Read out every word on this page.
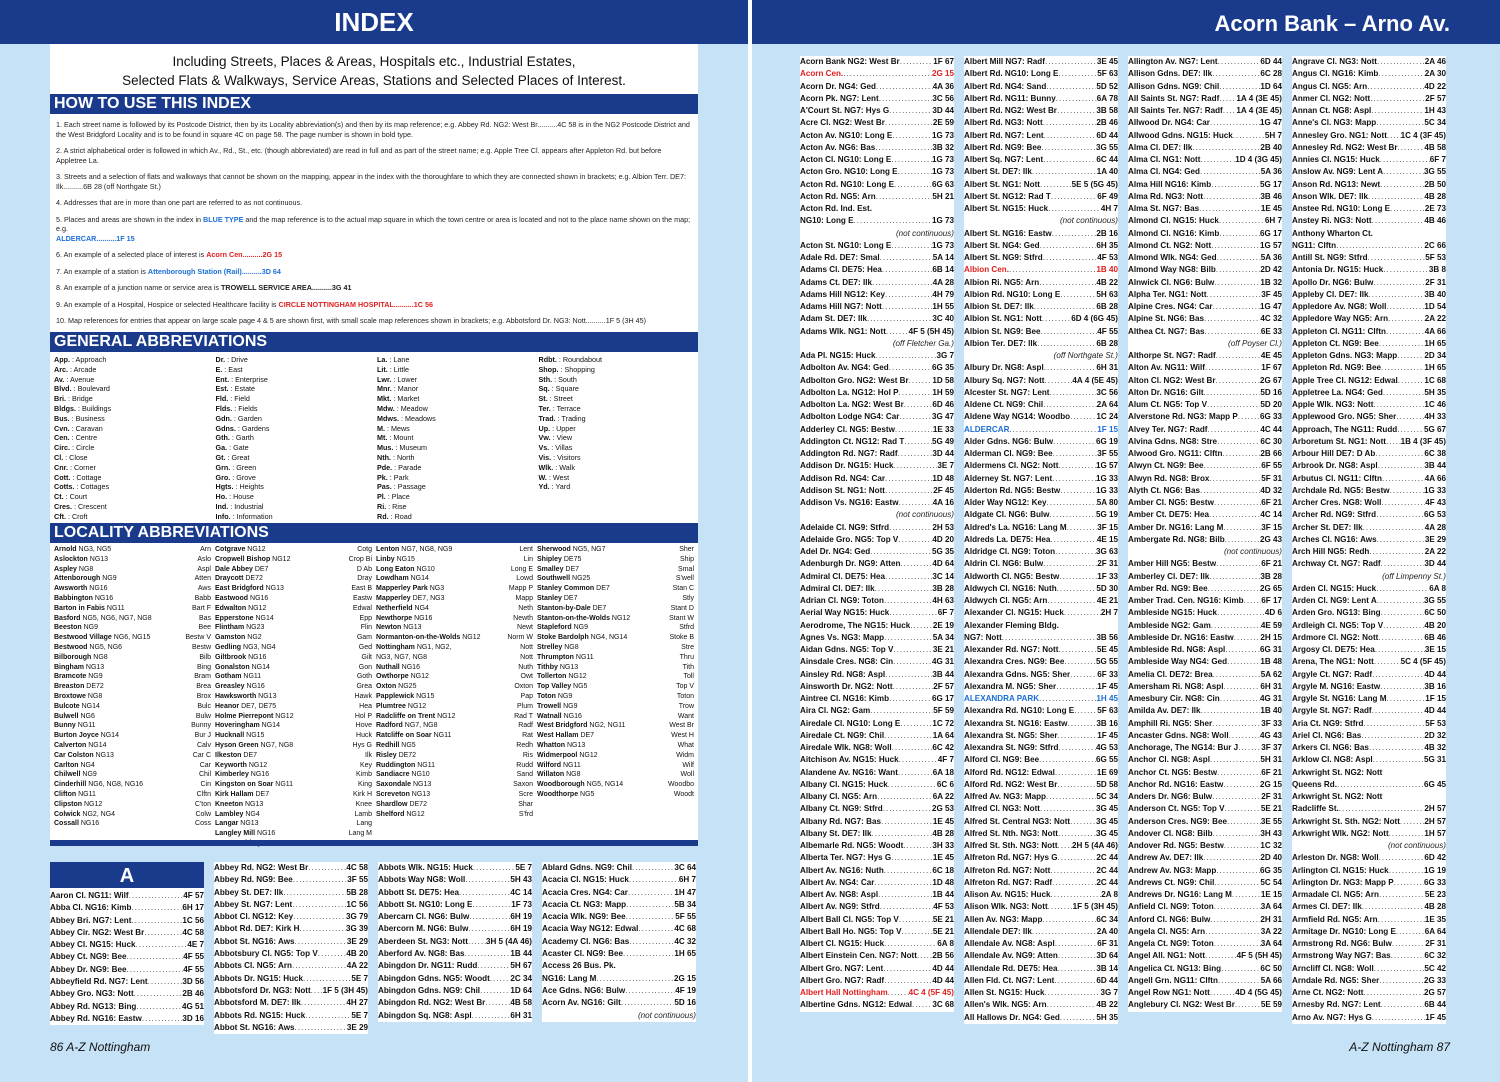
INDEX	Acorn Bank – Arno Av.
Including Streets, Places & Areas, Hospitals etc., Industrial Estates,
Selected Flats & Walkways, Service Areas, Stations and Selected Places of Interest.
HOW TO USE THIS INDEX

1. Each street name is followed by its Postcode District, then by its Locality abbreviation(s) and then by its map reference; e.g. Abbey Rd. NG2: West Br..........4C 58 is in the NG2 Postcode District and the West Bridgford Locality and is to be found in square 4C on page 58. The page number is shown in bold type.

2. A strict alphabetical order is followed in which Av., Rd., St., etc. (though abbreviated) are read in full and as part of the street name; e.g. Apple Tree Cl. appears after Appleton Rd. but before Appletree La.

3. Streets and a selection of flats and walkways that cannot be shown on the mapping, appear in the index with the thoroughfare to which they are connected shown in brackets; e.g. Albion Terr. DE7: Ilk..........6B 28 (off Northgate St.)

4. Addresses that are in more than one part are referred to as not continuous.

5. Places and areas are shown in the index in BLUE TYPE and the map reference is to the actual map square in which the town centre or area is located and not to the place name shown on the map; e.g.
ALDERCAR..........1F 15

6. An example of a selected place of interest is Acorn Cen..........2G 15

7. An example of a station is Attenborough Station (Rail)..........3D 64

8. An example of a junction name or service area is TROWELL SERVICE AREA..........3G 41

9. An example of a Hospital, Hospice or selected Healthcare facility is CIRCLE NOTTINGHAM HOSPITAL..........1C 56

10. Map references for entries that appear on large scale page 4 & 5 are shown first, with small scale map references shown in brackets; e.g. Abbotsford Dr. NG3: Nott..........1F 5 (3H 45)

GENERAL ABBREVIATIONS
App. : Approach
Arc. : Arcade
Av. : Avenue
Blvd. : Boulevard
Bri. : Bridge
Bldgs. : Buildings
Bus. : Business
Cvn. : Caravan
Cen. : Centre
Circ. : Circle
Cl. : Close
Cnr. : Corner
Cott. : Cottage
Cotts. : Cottages
Ct. : Court
Cres. : Crescent
Cft. : Croft
Dr. : Drive
E. : East
Ent. : Enterprise
Est. : Estate
Fld. : Field
Flds. : Fields
Gdn. : Garden
Gdns. : Gardens
Gth. : Garth
Ga. : Gate
Gt. : Great
Grn. : Green
Gro. : Grove
Hgts. : Heights
Ho. : House
Ind. : Industrial
Info. : Information
La. : Lane
Lit. : Little
Lwr. : Lower
Mnr. : Manor
Mkt. : Market
Mdw. : Meadow
Mdws. : Meadows
M. : Mews
Mt. : Mount
Mus. : Museum
Nth. : North
Pde. : Parade
Pk. : Park
Pas. : Passage
Pl. : Place
Ri. : Rise
Rd. : Road
Rdbt. : Roundabout
Shop. : Shopping
Sth. : South
Sq. : Square
St. : Street
Ter. : Terrace
Trad. : Trading
Up. : Upper
Vw. : View
Vs. : Villas
Vis. : Visitors
Wlk. : Walk
W. : West
Yd. : Yard
LOCALITY ABBREVIATIONS
Arnold NG3, NG5	Arn
Aslockton NG13	Aslo
Aspley NG8	Aspl
Attenborough NG9	Atten
Awsworth NG16	Aws
Babbington NG16	Babb
Barton in Fabis NG11	Bart F
Basford NG5, NG6, NG7, NG8	Bas
Beeston NG9	Bee
Bestwood Village NG6, NG15	Bestw V
Bestwood NG5, NG6	Bestw
Bilborough NG8	Bilb
Bingham NG13	Bing
Bramcote NG9	Bram
Breaston DE72	Brea
Broxtowe NG8	Brox
Bulcote NG14	Bulc
Bulwell NG6	Bulw
Bunny NG11	Bunny
Burton Joyce NG14	Bur J
Calverton NG14	Calv
Car Colston NG13	Car C
Carlton NG4	Car
Chilwell NG9	Chil
Cinderhill NG6, NG8, NG16	Cin
Clifton NG11	Clftn
Clipston NG12	C'ton
Colwick NG2, NG4	Colw
Cossall NG16	Coss
Cotgrave NG12	Cotg
Cropwell Bishop NG12	Crop Bi
Dale Abbey DE7	D Ab
Draycott DE72	Dray
East Bridgford NG13	East B
Eastwood NG16	Eastw
Edwalton NG12	Edwal
Epperstone NG14	Epp
Flintham NG23	Flin
Gamston NG2	Gam
Gedling NG3, NG4	Ged
Giltbrook NG16	Gilt
Gonalston NG14	Gon
Gotham NG11	Goth
Greasley NG16	Grea
Hawksworth NG13	Hawk
Heanor DE7, DE75	Hea
Holme Pierrepont NG12	Hol P
Hoveringham NG14	Hove
Hucknall NG15	Huck
Hyson Green NG7, NG8	Hys G
Ilkeston DE7	Ilk
Keyworth NG12	Key
Kimberley NG16	Kimb
Kingston on Soar NG11	King
Kirk Hallam DE7	Kirk H
Kneeton NG13	Knee
Lambley NG4	Lamb
Langar NG13	Lang
Langley Mill NG16	Lang M
Lenton NG7, NG8, NG9	Lent
Linby NG15	Lin
Long Eaton NG10	Long E
Lowdham NG14	Lowd
Mapperley Park NG3	Mapp P
Mapperley DE7, NG3	Mapp
Netherfield NG4	Neth
Newthorpe NG16	Newth
Newton NG13	Newt
Normanton-on-the-Wolds NG12	Norm W
Nottingham NG1, NG2,	Nott
NG3, NG7, NG8	Nott
Nuthall NG16	Nuth
Owthorpe NG12	Owt
Oxton NG25	Oxton
Papplewick NG15	Pap
Plumtree NG12	Plum
Radcliffe on Trent NG12	Rad T
Radford NG7, NG8	Radf
Ratcliffe on Soar NG11	Rat
Redhill NG5	Redh
Risley DE72	Ris
Ruddington NG11	Rudd
Sandiacre NG10	Sand
Saxondale NG13	Saxon
Screveton NG13	Scre
Shardlow DE72	Shar
Shelford NG12	S'frd
Sherwood NG5, NG7	Sher
Shipley DE75	Ship
Smalley DE7	Smal
Southwell NG25	S'well
Stanley Common DE7	Stan C
Stanley DE7	Stly
Stanton-by-Dale DE7	Stant D
Stanton-on-the-Wolds NG12	Stant W
Stapleford NG9	Stfrd
Stoke Bardolph NG4, NG14	Stoke B
Strelley NG8	Stre
Thrumpton NG11	Thru
Tithby NG13	Tith
Tollerton NG12	Toll
Top Valley NG5	Top V
Toton NG9	Toton
Trowell NG9	Trow
Watnall NG16	Want
West Bridgford NG2, NG11	West Br
West Hallam DE7	West H
Whatton NG13	What
Widmerpool NG12	Widm
Wilford NG11	Wilf
Willaton NG8	Woll
Woodborough NG5, NG14	Woodbo
Woodthorpe NG5	Woodt
A
Aaron Cl. NG11: Wilf .....	4F 57
Abba Cl. NG16: Kimb .....	6H 17
Abbey Bri. NG7: Lent .....	1C 56
Abbey Cir. NG2: West Br .....	4C 58
Abbey Cl. NG15: Huck .....	4E 7
Abbey Ct. NG9: Bee .....	4F 55
Abbey Dr. NG9: Bee .....	4F 55
Abbeyfield Rd. NG7: Lent .....	3D 56
Abbey Gro. NG3: Nott .....	2B 46
Abbey Rd. NG13: Bing .....	4G 51
Abbey Rd. NG16: Eastw .....	3D 16
Abbey Rd. NG2: West Br .....	4C 58
Abbey Rd. NG9: Bee .....	3F 55
Abbey St. DE7: Ilk .....	5B 28
Abbey St. NG7: Lent .....	1C 56
Abbot Cl. NG12: Key .....	3G 79
Abbot Rd. DE7: Kirk H .....	3G 39
Abbot St. NG16: Aws .....	3E 29
Abbotsbury Cl. NG5: Top V .....	4B 20
Abbots Cl. NG5: Arn .....	4A 22
Abbots Dr. NG15: Huck .....	5E 7
Abbotsford Dr. NG3: Nott ..... 1F 5 (3H 45)
Abbotsford M. DE7: Ilk .....	4H 27
Abbots Rd. NG15: Huck .....	5E 7
Abbot St. NG16: Aws .....	3E 29
Abbots Wlk. NG15: Huck .....	5E 7
Abbots Way NG8: Woll .....	5H 43
Abbott St. DE75: Hea .....	4C 14
Abbott St. NG10: Long E .....	1F 73
Abercarn Cl. NG6: Bulw .....	6H 19
Abercorn M. NG6: Bulw .....	6H 19
Aberdeen St. NG3: Nott ..... 3H 5 (4A 46)
Aberford Av. NG8: Bas .....	1B 44
Abingdon Dr. NG11: Rudd .....	5H 67
Abingdon Gdns. NG5: Woodt .....	2C 34
Abingdon Gdns. NG9: Chil .....	1D 64
Abingdon Rd. NG2: West Br .....	4B 58
Abingdon Sq. NG8: Aspl .....	6H 31
Ablard Gdns. NG9: Chil .....	3C 64
Acacia Cl. NG15: Huck .....	6H 7
Acacia Cres. NG4: Car .....	1H 47
Acacia Ct. NG3: Mapp .....	5B 34
Acacia Wlk. NG9: Bee .....	5F 55
Acacia Way NG12: Edwal .....	4C 68
Academy Cl. NG6: Bas .....	4C 32
Acaster Cl. NG9: Bee .....	1H 65
Access 26 Bus. Pk.
NG16: Lang M .....	2G 15
Ace Gdns. NG6: Bulw .....	4F 19
Acorn Av. NG16: Gilt .....	5D 16
(not continuous)
Acorn Bank NG2: West Br .....	1F 67
Acorn Cen. .....	2G 15
Acorn Dr. NG4: Ged .....	4A 36
Acorn Pk. NG7: Lent .....	3C 56
A'Court St. NG7: Hys G .....	3D 44
Acre Cl. NG2: West Br .....	2E 59
Acton Av. NG10: Long E .....	1G 73
Acton Av. NG6: Bas .....	3B 32
Acton Cl. NG10: Long E .....	1G 73
Acton Gro. NG10: Long E .....	1G 73
Acton Rd. NG10: Long E .....	6G 63
Acton Rd. NG5: Arn .....	5H 21
Acton Rd. Ind. Est.
NG10: Long E .....	1G 73
(not continuous)
Acton St. NG10: Long E .....	1G 73
Adale Rd. DE7: Smal .....	5A 14
Adams Cl. DE75: Hea .....	6B 14
Adams Ct. DE7: Ilk .....	4A 28
Adams Hill NG12: Key .....	4H 79
Adams Hill NG7: Nott .....	1H 55
Adam St. DE7: Ilk .....	3C 40
Adams Wlk. NG1: Nott .....	4F 5 (5H 45)
(off Fletcher Ga.)
Ada Pl. NG15: Huck .....	3G 7
Adbolton Av. NG4: Ged .....	6G 35
Adbolton Gro. NG2: West Br .....	1D 58
Adbolton La. NG12: Hol P .....	1H 59
Adbolton La. NG2: West Br .....	6D 46
Adbolton Lodge NG4: Car .....	3G 47
Adderley Cl. NG5: Bestw .....	1E 33
Addington Ct. NG12: Rad T .....	5G 49
Addington Rd. NG7: Radf .....	3D 44
Addison Dr. NG15: Huck .....	3E 7
Addison Rd. NG4: Car .....	1D 48
Addison St. NG1: Nott .....	2F 45
Addison Vs. NG16: Eastw .....	4A 16
(not continuous)
Adelaide Cl. NG9: Stfrd .....	2H 53
Adelaide Gro. NG5: Top V .....	4D 20
Adel Dr. NG4: Ged .....	5G 35
Adenburgh Dr. NG9: Atten .....	4D 64
Admiral Cl. DE75: Hea .....	3C 14
Admiral Cl. DE7: Ilk .....	3B 28
Adrian Cl. NG9: Toton .....	4H 63
Aerial Way NG15: Huck .....	6F 7
Aerodrome, The NG15: Huck .....	2E 19
Agnes Vs. NG3: Mapp .....	5A 34
Aidan Gdns. NG5: Top V .....	3E 21
Ainsdale Cres. NG8: Cin .....	4G 31
Ainsley Rd. NG8: Aspl .....	3B 44
Ainsworth Dr. NG2: Nott .....	2F 57
Aintree Cl. NG16: Kimb .....	6G 17
Aira Cl. NG2: Gam .....	5F 59
Airedale Cl. NG10: Long E .....	1C 72
Airedale Ct. NG9: Chil .....	1A 64
Airedale Wlk. NG8: Woll .....	6C 42
Aitchison Av. NG15: Huck .....	4F 7
Alandene Av. NG16: Want .....	6A 18
Albany Cl. NG15: Huck .....	6C 6
Albany Cl. NG5: Arn .....	6A 22
Albany Ct. NG9: Stfrd .....	2G 53
Albany Rd. NG7: Bas .....	1E 45
Albany St. DE7: Ilk .....	4B 28
Albemarle Rd. NG5: Woodt .....	3H 33
Alberta Ter. NG7: Hys G .....	1E 45
Albert Av. NG16: Nuth .....	6C 18
Albert Av. NG4: Car .....	1D 48
Albert Av. NG8: Aspl .....	1B 44
Albert Av. NG9: Stfrd .....	4F 53
Albert Ball Cl. NG5: Top V .....	5E 21
Albert Ball Ho. NG5: Top V .....	5E 21
Albert Cl. NG15: Huck .....	6A 8
Albert Einstein Cen. NG7: Nott ..... 2B 56
Albert Gro. NG7: Lent .....	4D 44
Albert Gro. NG7: Radf .....	4D 44
Albert Hall Nottingham .....	4C 4 (5F 45)
Albertine Gdns. NG12: Edwal .....	3C 68
Albert Mill NG7: Radf .....	3E 45
Albert Rd. NG10: Long E .....	5F 63
Albert Rd. NG4: Sand .....	5D 52
Albert Rd. NG11: Bunny .....	6A 78
Albert Rd. NG2: West Br .....	3B 58
Albert Rd. NG3: Nott .....	2B 46
Albert Rd. NG7: Lent .....	6D 44
Albert Rd. NG9: Bee .....	3G 55
Albert Sq. NG7: Lent .....	6C 44
Albert St. DE7: Ilk .....	1A 40
Albert St. NG1: Nott .....	5E 5 (5G 45)
Albert St. NG12: Rad T .....	6F 49
Albert St. NG15: Huck .....	4H 7
(not continuous)
Albert St. NG16: Eastw .....	2B 16
Albert St. NG4: Ged .....	6H 35
Albert St. NG9: Stfrd .....	4F 53
Albion Cen. .....	1B 40
Albion Ri. NG5: Arn .....	4B 22
Albion Rd. NG10: Long E .....	5H 63
Albion St. DE7: Ilk .....	6B 28
Albion St. NG1: Nott .....	6D 4 (6G 45)
Albion St. NG9: Bee .....	4F 55
Albion Ter. DE7: Ilk .....	6B 28
(off Northgate St.)
Albury Dr. NG8: Aspl .....	6H 31
Albury Sq. NG7: Nott .....	4A 4 (5E 45)
Alcester St. NG7: Lent .....	3C 56
Aldene Ct. NG9: Chil .....	2A 64
Aldene Way NG14: Woodbo .....	1C 24
ALDERCAR .....	1F 15
Alder Gdns. NG6: Bulw .....	6G 19
Alderman Cl. NG9: Bee .....	3F 55
Aldermens Cl. NG2: Nott .....	1G 57
Alderney St. NG7: Lent .....	1G 33
Alderton Rd. NG5: Bestw .....	1G 33
Alder Way NG12: Key .....	5A 80
Aldgate Cl. NG6: Bulw .....	5G 19
Aldred's La. NG16: Lang M .....	3F 15
Aldreds La. DE75: Hea .....	4E 15
Aldridge Cl. NG9: Toton .....	3G 63
Aldrin Cl. NG6: Bulw .....	2F 31
Aldworth Cl. NG5: Bestw .....	1F 33
Aldwych Cl. NG16: Nuth .....	5D 30
Aldwych Cl. NG5: Arn .....	4E 21
Alexander Cl. NG15: Huck .....	2H 7
Alexander Fleming Bldg.
NG7: Nott .....	3B 56
Alexander Rd. NG7: Nott .....	5E 45
Alexandra Cres. NG9: Bee .....	5G 55
Alexandra Gdns. NG5: Sher .....	6F 33
Alexandra M. NG5: Sher .....	1F 45
ALEXANDRA PARK .....	1H 45
Alexandra Rd. NG10: Long E .....	5F 63
Alexandra St. NG16: Eastw .....	3B 16
Alexandra St. NG5: Sher .....	1F 45
Alexandra St. NG9: Stfrd .....	4G 53
Alford Cl. NG9: Bee .....	6G 55
Alford Rd. NG12: Edwal .....	1E 69
Alford Rd. NG2: West Br .....	5D 58
Alfred Av. NG3: Mapp .....	5C 34
Alfred Cl. NG3: Nott .....	3G 45
Alfred St. Central NG3: Nott .....	3G 45
Alfred St. Nth. NG3: Nott .....	3G 45
Alfred St. Sth. NG3: Nott ..... 2H 5 (4A 46)
Alfreton Rd. NG7: Hys G .....	2C 44
Alfreton Rd. NG7: Nott .....	2C 44
Alfreton Rd. NG7: Radf .....	2C 44
Alison Av. NG15: Huck .....	2A 8
Alison Wlk. NG3: Nott .....	1F 5 (3H 45)
Allen Av. NG3: Mapp .....	6C 34
Allendale DE7: Ilk .....	2A 40
Allendale Av. NG8: Aspl .....	6F 31
Allendale Av. NG9: Atten .....	3D 64
Allendale Rd. DE75: Hea .....	3B 14
Allen Fld. Ct. NG7: Lent .....	6D 44
Allen St. NG15: Huck .....	3G 7
Allen's Wlk. NG5: Arn .....	4B 22
All Hallows Dr. NG4: Ged .....	5H 35
Allington Av. NG7: Lent .....	6D 44
Allison Gdns. DE7: Ilk .....	6C 28
Allison Gdns. NG9: Chil .....	1D 64
All Saints St. NG7: Radf ..... 1A 4 (3E 45)
All Saints Ter. NG7: Radf ..... 1A 4 (3E 45)
Allwood Dr. NG4: Car .....	1G 47
Allwood Gdns. NG15: Huck .....	5H 7
Alma Cl. DE7: Ilk .....	2B 40
Alma Cl. NG1: Nott .....	1D 4 (3G 45)
Alma Cl. NG4: Ged .....	5A 36
Alma Hill NG16: Kimb .....	5G 17
Alma Rd. NG3: Nott .....	3B 46
Alma St. NG7: Bas .....	1E 45
Almond Cl. NG15: Huck .....	6H 7
Almond Cl. NG16: Kimb .....	6G 17
Almond Ct. NG2: Nott .....	1G 57
Almond Wlk. NG4: Ged .....	5A 36
Almond Way NG8: Bilb .....	2D 42
Alnwick Cl. NG6: Bulw .....	1B 32
Alpha Ter. NG1: Nott .....	3F 45
Alpine Cres. NG4: Car .....	1G 47
Alpine St. NG6: Bas .....	4C 32
Althea Ct. NG7: Bas .....	6E 33
(off Poyser Cl.)
Althorpe St. NG7: Radf .....	4E 45
Alton Av. NG11: Wilf .....	1F 67
Alton Cl. NG2: West Br .....	2G 67
Alton Dr. NG16: Gilt .....	5D 16
Alum Ct. NG5: Top V .....	5D 20
Alverstone Rd. NG3: Mapp P .....	6G 33
Alvey Ter. NG7: Radf .....	4C 44
Alvina Gdns. NG8: Stre .....	6C 30
Alwood Gro. NG11: Clftn .....	2B 66
Alwyn Ct. NG9: Bee .....	6F 55
Alwyn Rd. NG8: Brox .....	5F 31
Alyth Ct. NG6: Bas .....	4D 32
Amber Cl. NG5: Bestw .....	6F 21
Amber Ct. DE75: Hea .....	4C 14
Amber Dr. NG16: Lang M .....	3F 15
Ambergate Rd. NG8: Bilb .....	2G 43
(not continuous)
Amber Hill NG5: Bestw .....	6F 21
Amberley Cl. DE7: Ilk .....	3B 28
Amber Rd. NG9: Bee .....	2G 65
Amber Trad. Cen. NG16: Kimb ..... 6F 17
Ambleside NG15: Huck .....	4D 6
Ambleside NG2: Gam .....	4E 59
Ambleside Dr. NG16: Eastw .....	2H 15
Ambleside Rd. NG8: Aspl .....	6G 31
Ambleside Way NG4: Ged .....	1B 48
Amelia Cl. DE72: Brea .....	5A 62
Amersham Ri. NG8: Aspl .....	6H 31
Amesbury Cir. NG8: Cin .....	4G 31
Amilda Av. DE7: Ilk .....	1B 40
Amphill Ri. NG5: Sher .....	3F 33
Ancaster Gdns. NG8: Woll .....	4G 43
Anchorage, The NG14: Bur J .....	3F 37
Anchor Cl. NG8: Aspl .....	5H 31
Anchor Ct. NG5: Bestw .....	6F 21
Anchor Rd. NG16: Eastw .....	2G 15
Anders Dr. NG6: Bulw .....	2F 31
Anderson Ct. NG5: Top V .....	5E 21
Anderson Cres. NG9: Bee .....	3E 55
Andover Cl. NG8: Bilb .....	3H 43
Andover Rd. NG5: Bestw .....	1C 32
Andrew Av. DE7: Ilk .....	2D 40
Andrew Av. NG3: Mapp .....	6G 35
Andrews Ct. NG9: Chil .....	5C 54
Andrews Dr. NG16: Lang M .....	1E 15
Anfield Cl. NG9: Toton .....	3A 64
Anford Cl. NG6: Bulw .....	2H 31
Angela Cl. NG5: Arn .....	3A 22
Angela Ct. NG9: Toton .....	3A 64
Angel All. NG1: Nott .....	4F 5 (5H 45)
Angelica Ct. NG13: Bing .....	6C 50
Angell Grn. NG11: Clftn .....	5A 66
Angel Row NG1: Nott .....	4D 4 (5G 45)
Anglebury Cl. NG2: West Br .....	5E 59
Angrave Cl. NG3: Nott .....	2A 46
Angus Cl. NG16: Kimb .....	2A 30
Angus Cl. NG5: Arn .....	4D 22
Anmer Cl. NG2: Nott .....	2F 57
Annan Ct. NG8: Aspl .....	1H 43
Anne's Cl. NG3: Mapp .....	5C 34
Annesley Gro. NG1: Nott ..... 1C 4 (3F 45)
Annesley Rd. NG2: West Br .....	4B 58
Annies Cl. NG15: Huck .....	6F 7
Anslow Av. NG9: Lent A .....	3G 55
Anson Rd. NG13: Newt .....	2B 50
Anson Wlk. DE7: Ilk .....	4B 28
Anstee Rd. NG10: Long E .....	2E 73
Anstey Ri. NG3: Nott .....	4B 46
Anthony Wharton Ct.
NG11: Clftn .....	2C 66
Antill St. NG9: Stfrd .....	5F 53
Antonia Dr. NG15: Huck .....	3B 8
Apollo Dr. NG6: Bulw .....	2F 31
Appleby Cl. DE7: Ilk .....	3B 40
Appledore Av. NG8: Woll .....	1D 54
Appledore Way NG5: Arn .....	2A 22
Appleton Cl. NG11: Clftn .....	4A 66
Appleton Ct. NG9: Bee .....	1H 65
Appleton Gdns. NG3: Mapp .....	2D 34
Appleton Rd. NG9: Bee .....	1H 65
Apple Tree Cl. NG12: Edwal .....	1C 68
Appletree La. NG4: Ged .....	5H 35
Apple Wlk. NG3: Nott .....	1C 46
Applewood Gro. NG5: Sher .....	4H 33
Approach, The NG11: Rudd .....	5G 67
Arboretum St. NG1: Nott ..... 1B 4 (3F 45)
Arbour Hill DE7: D Ab .....	6C 38
Arbrook Dr. NG8: Aspl .....	3B 44
Arbutus Cl. NG11: Clftn .....	4A 66
Archdale Rd. NG5: Bestw .....	1G 33
Archer Cres. NG8: Woll .....	4F 43
Archer Rd. NG9: Stfrd .....	6G 53
Archer St. DE7: Ilk .....	4A 28
Arches Cl. NG16: Aws .....	3E 29
Arch Hill NG5: Redh .....	2A 22
Archway Ct. NG7: Radf .....	3D 44
(off Limpenny St.)
Arden Cl. NG15: Huck .....	6A 8
Arden Cl. NG9: Lent A .....	3G 55
Arden Gro. NG13: Bing .....	6C 50
Ardleigh Cl. NG5: Top V .....	4B 20
Ardmore Cl. NG2: Nott .....	6B 46
Argosy Cl. DE75: Hea .....	3E 15
Arena, The NG1: Nott .....	5C 4 (5F 45)
Argyle Ct. NG7: Radf .....	4D 44
Argyle M. NG16: Eastw .....	3B 16
Argyle St. NG16: Lang M .....	1F 15
Argyle St. NG7: Radf .....	4D 44
Aria Ct. NG9: Stfrd .....	5F 53
Ariel Cl. NG6: Bas .....	2D 32
Arkers Cl. NG6: Bas .....	4B 32
Arklow Cl. NG8: Aspl .....	5G 31
Arkwright St. NG2: Nott
Queens Rd. .....	6G 45
Arkwright St. NG2: Nott
Radcliffe St. .....	2H 57
Arkwright St. Sth. NG2: Nott .....	2H 57
Arkwright Wlk. NG2: Nott .....	1H 57
(not continuous)
Arleston Dr. NG8: Woll .....	6D 42
Arlington Cl. NG15: Huck .....	1G 19
Arlington Dr. NG3: Mapp P .....	6G 33
Armadale Cl. NG5: Arn .....	5E 23
Armes Cl. DE7: Ilk .....	4B 28
Armfield Rd. NG5: Arn .....	1E 35
Armitage Dr. NG10: Long E .....	6A 64
Armstrong Rd. NG6: Bulw .....	2F 31
Armstrong Way NG7: Bas .....	6C 32
Arncliff Cl. NG8: Woll .....	5C 42
Arndale Rd. NG5: Sher .....	2G 33
Arne Ct. NG2: Nott .....	2G 57
Arnesby Rd. NG7: Lent .....	6B 44
Arno Av. NG7: Hys G .....	1F 45
86 A-Z Nottingham	A-Z Nottingham 87
